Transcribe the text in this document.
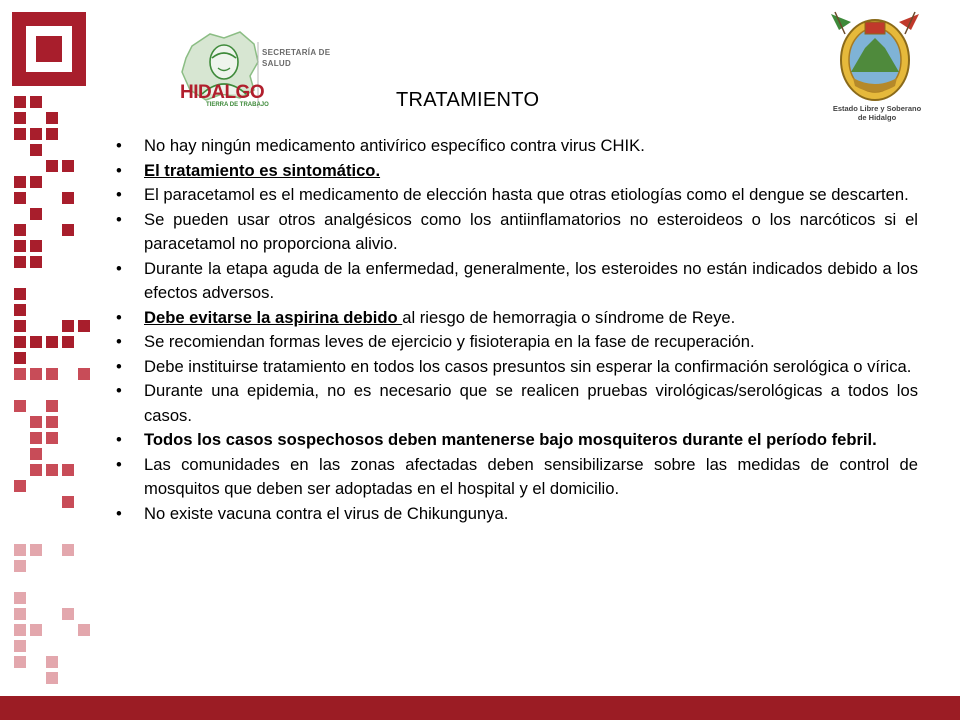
SECRETARÍA DE SALUD
HIDALGO
TIERRA DE TRABAJO	Estado Libre y Soberano
de Hidalgo
TRATAMIENTO
• No hay ningún medicamento antivírico específico contra virus CHIK.
• El tratamiento es sintomático.
• El paracetamol es el medicamento de elección hasta que otras etiologías como el dengue se descarten.
• Se pueden usar otros analgésicos como los antiinflamatorios no esteroideos o los narcóticos si el paracetamol no proporciona alivio.
• Durante la etapa aguda de la enfermedad, generalmente, los esteroides no están indicados debido a los efectos adversos.
• Debe evitarse la aspirina debido al riesgo de hemorragia o síndrome de Reye.
• Se recomiendan formas leves de ejercicio y fisioterapia en la fase de recuperación.
• Debe instituirse tratamiento en todos los casos presuntos sin esperar la confirmación serológica o vírica.
• Durante una epidemia, no es necesario que se realicen pruebas virológicas/serológicas a todos los casos.
• Todos los casos sospechosos deben mantenerse bajo mosquiteros durante el período febril.
• Las comunidades en las zonas afectadas deben sensibilizarse sobre las medidas de control de mosquitos que deben ser adoptadas en el hospital y el domicilio.
• No existe vacuna contra el virus de Chikungunya.
